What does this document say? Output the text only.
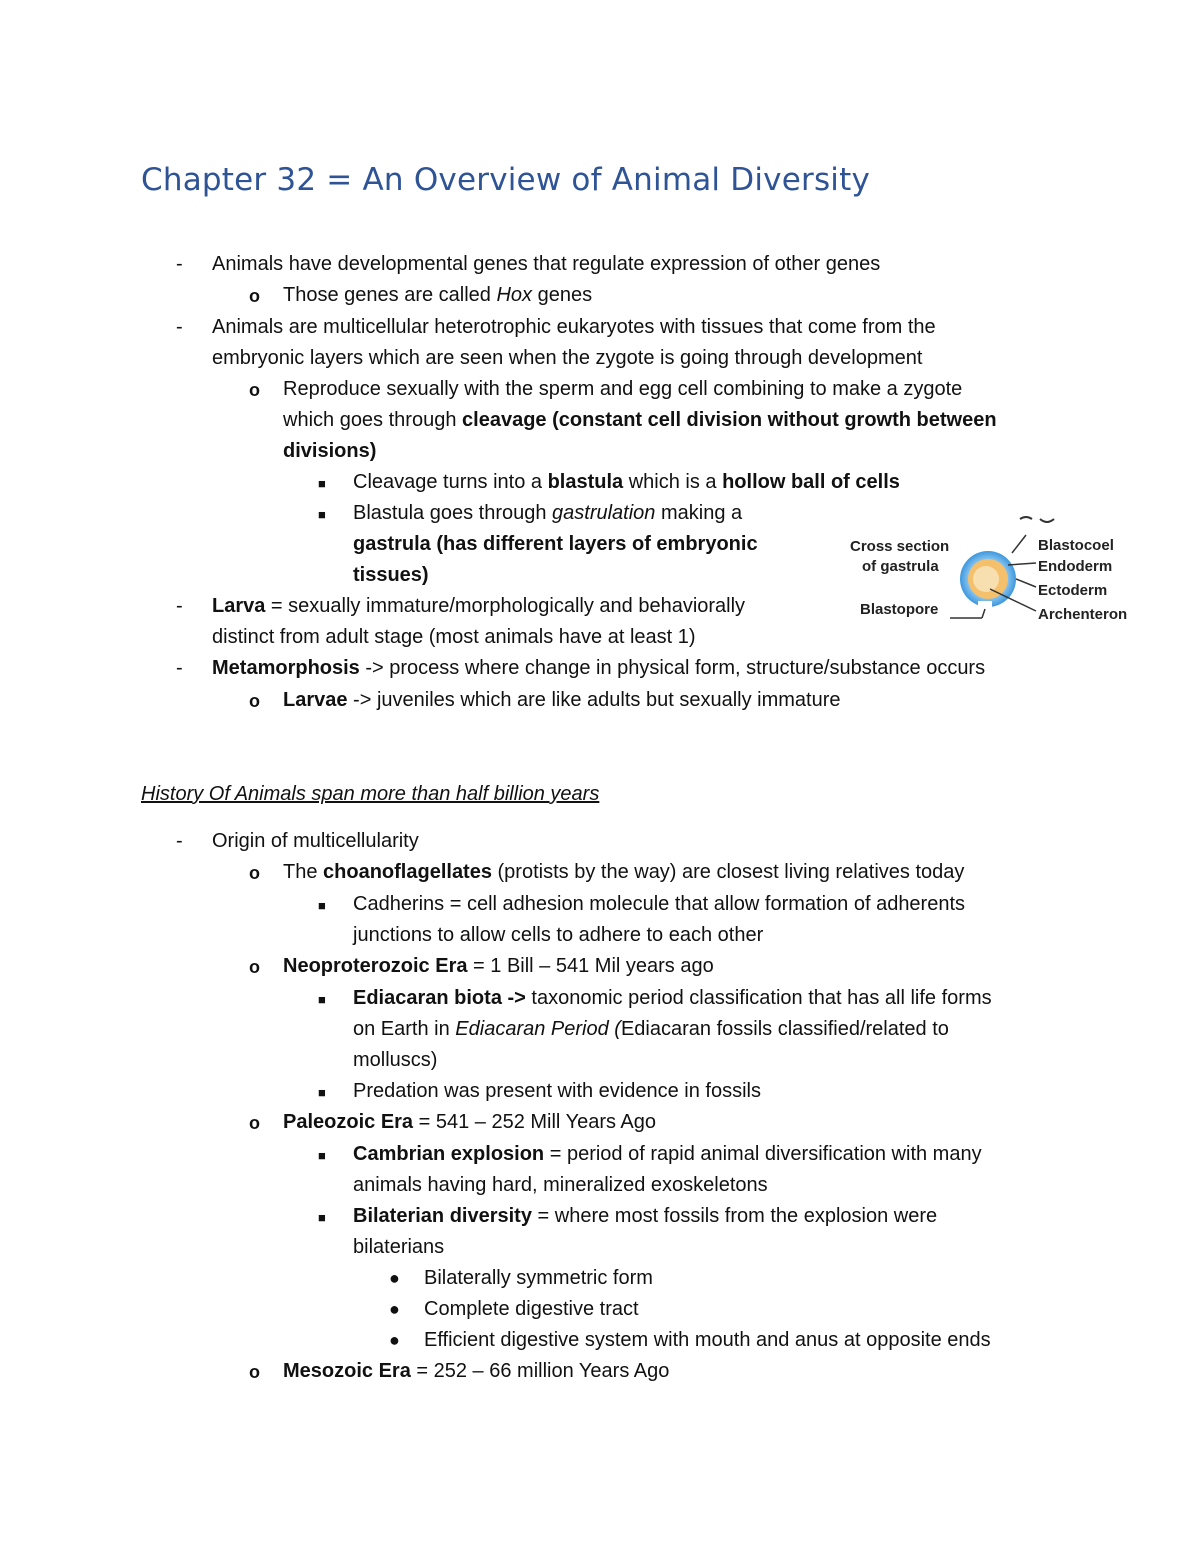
Chapter 32 = An Overview of Animal Diversity
- Animals have developmental genes that regulate expression of other genes
o Those genes are called Hox genes
- Animals are multicellular heterotrophic eukaryotes with tissues that come from the
embryonic layers which are seen when the zygote is going through development
o Reproduce sexually with the sperm and egg cell combining to make a zygote
which goes through cleavage (constant cell division without growth between
divisions)
■ Cleavage turns into a blastula which is a hollow ball of cells
■ Blastula goes through gastrulation making a
gastrula (has different layers of embryonic
tissues)
- Larva = sexually immature/morphologically and behaviorally
distinct from adult stage (most animals have at least 1)
- Metamorphosis -> process where change in physical form, structure/substance occurs
o Larvae -> juveniles which are like adults but sexually immature
Cross section
of gastrula
Blastocoel
Endoderm
Ectoderm
Archenteron
Blastopore
History Of Animals span more than half billion years
- Origin of multicellularity
o The choanoflagellates (protists by the way) are closest living relatives today
■ Cadherins = cell adhesion molecule that allow formation of adherents
junctions to allow cells to adhere to each other
o Neoproterozoic Era = 1 Bill – 541 Mil years ago
■ Ediacaran biota -> taxonomic period classification that has all life forms
on Earth in Ediacaran Period (Ediacaran fossils classified/related to
molluscs)
■ Predation was present with evidence in fossils
o Paleozoic Era = 541 – 252 Mill Years Ago
■ Cambrian explosion = period of rapid animal diversification with many
animals having hard, mineralized exoskeletons
■ Bilaterian diversity = where most fossils from the explosion were
bilaterians
● Bilaterally symmetric form
● Complete digestive tract
● Efficient digestive system with mouth and anus at opposite ends
o Mesozoic Era = 252 – 66 million Years Ago
